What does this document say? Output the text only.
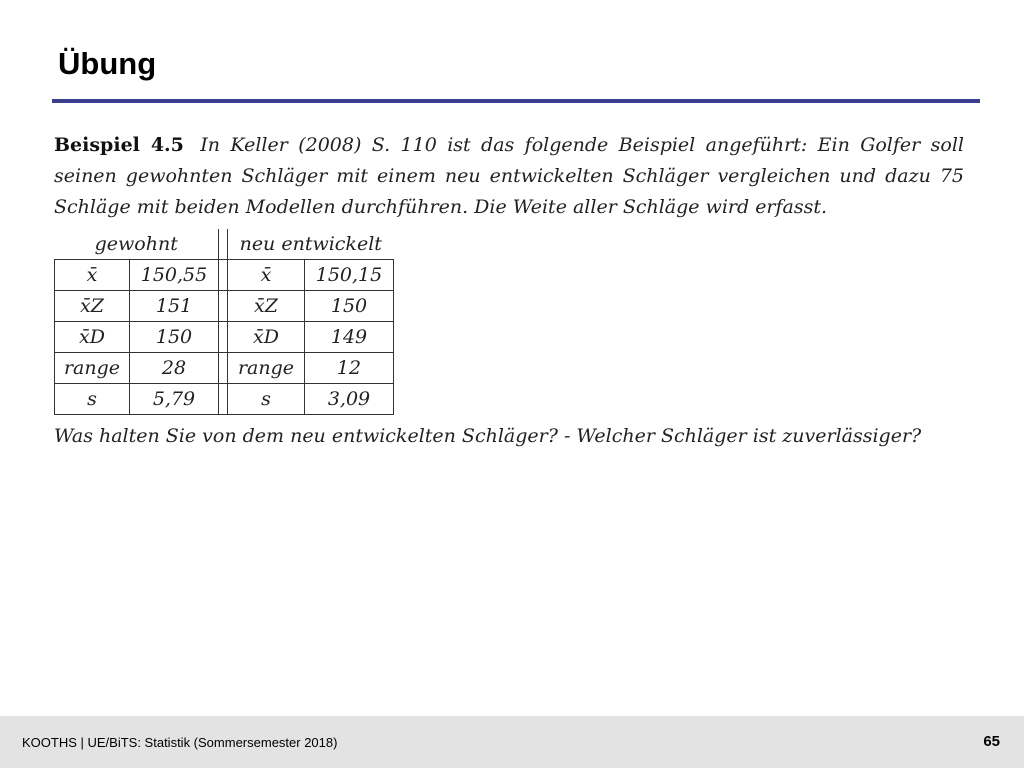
Übung

Beispiel 4.5 In Keller (2008) S. 110 ist das folgende Beispiel angeführt: Ein Golfer soll seinen gewohnten Schläger mit einem neu entwickelten Schläger vergleichen und dazu 75 Schläge mit beiden Modellen durchführen. Die Weite aller Schläge wird erfasst.

gewohnt			neu entwickelt	
x̄	150,55		x̄	150,15
x̄Z	151		x̄Z	150
x̄D	150		x̄D	149
range	28		range	12
s	5,79		s	3,09

Was halten Sie von dem neu entwickelten Schläger? - Welcher Schläger ist zuverlässiger?

KOOTHS | UE/BiTS: Statistik (Sommersemester 2018)	65
